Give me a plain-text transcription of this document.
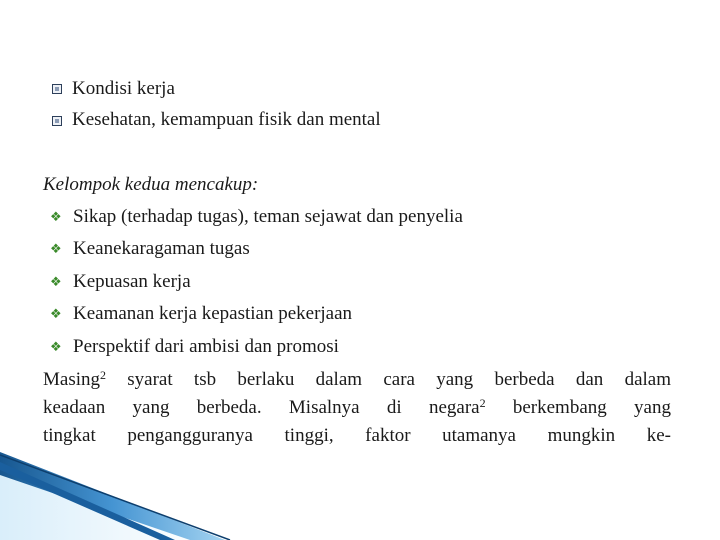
Kondisi kerja
Kesehatan, kemampuan fisik dan mental
Kelompok kedua mencakup:
❖ Sikap (terhadap tugas), teman sejawat dan penyelia
❖ Keanekaragaman tugas
❖ Kepuasan kerja
❖ Keamanan kerja kepastian pekerjaan
❖ Perspektif dari ambisi dan promosi
Masing$^2$ syarat tsb berlaku dalam cara yang berbeda dan dalam
keadaan yang berbeda. Misalnya di negara$^2$ berkembang yang
tingkat pengangguranya tinggi, faktor utamanya mungkin ke-
